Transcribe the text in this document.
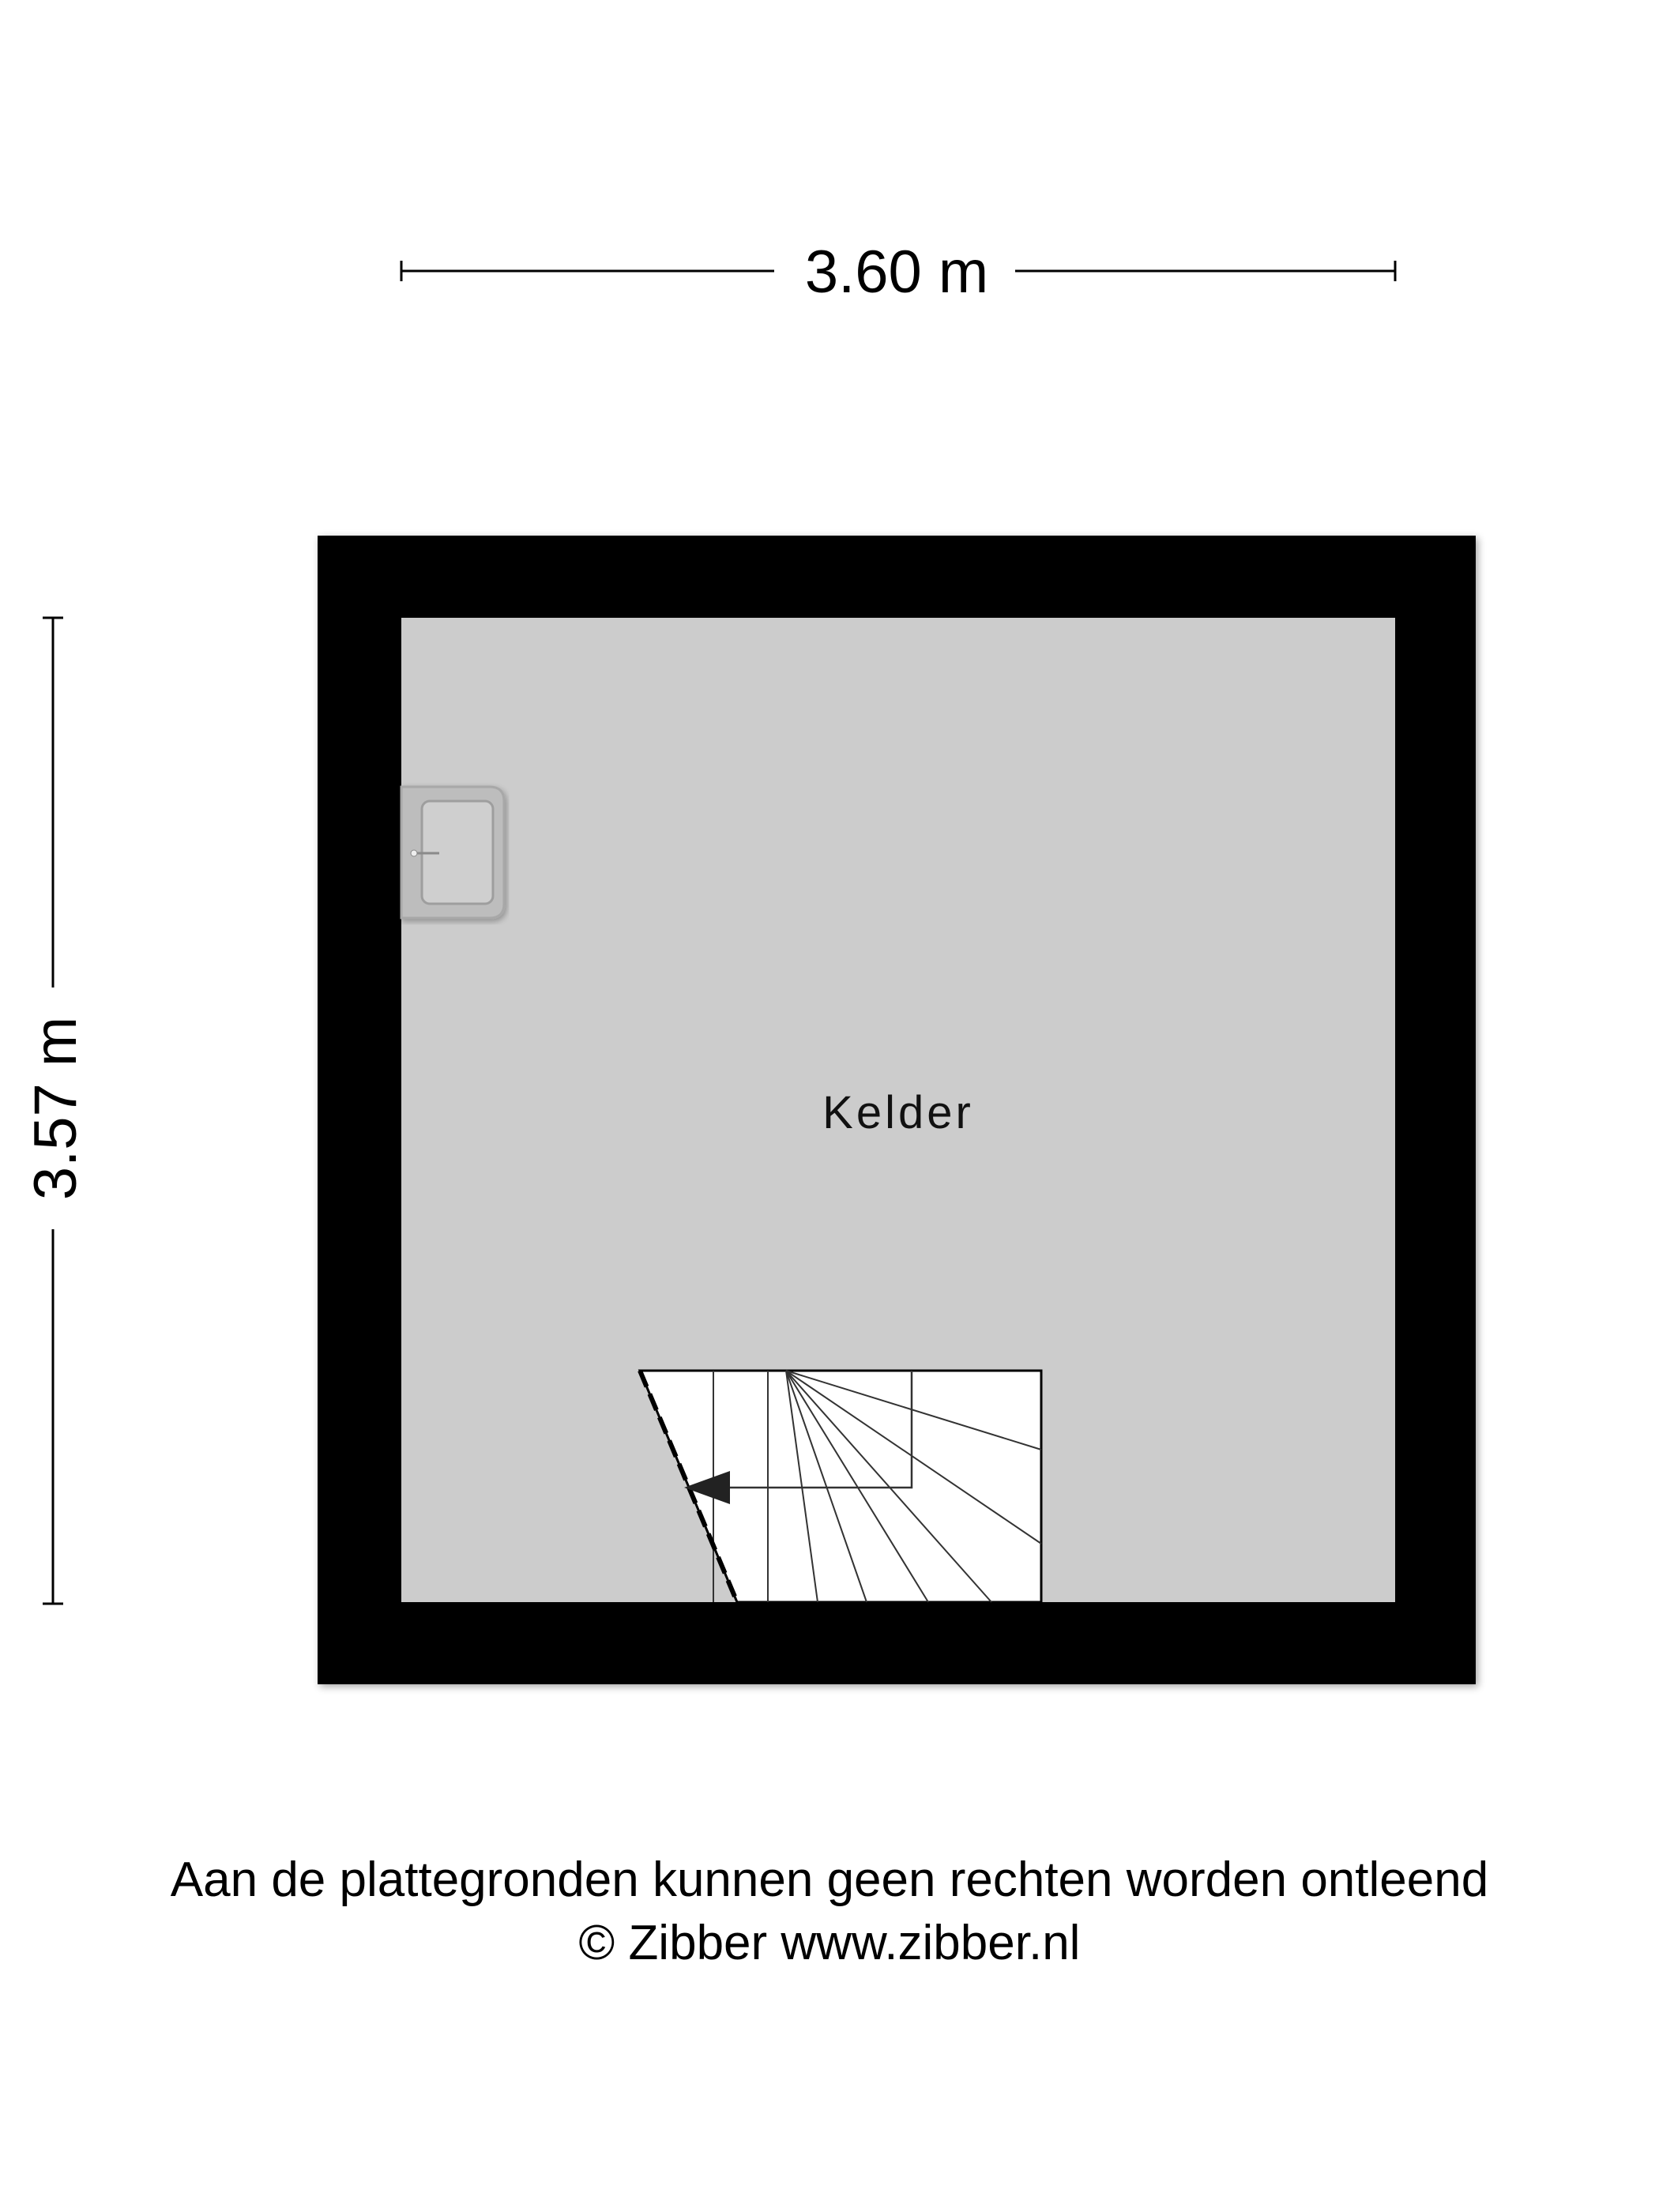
3.60 m
3.57 m	Kelder
Aan de plattegronden kunnen geen rechten worden ontleend
© Zibber www.zibber.nl
